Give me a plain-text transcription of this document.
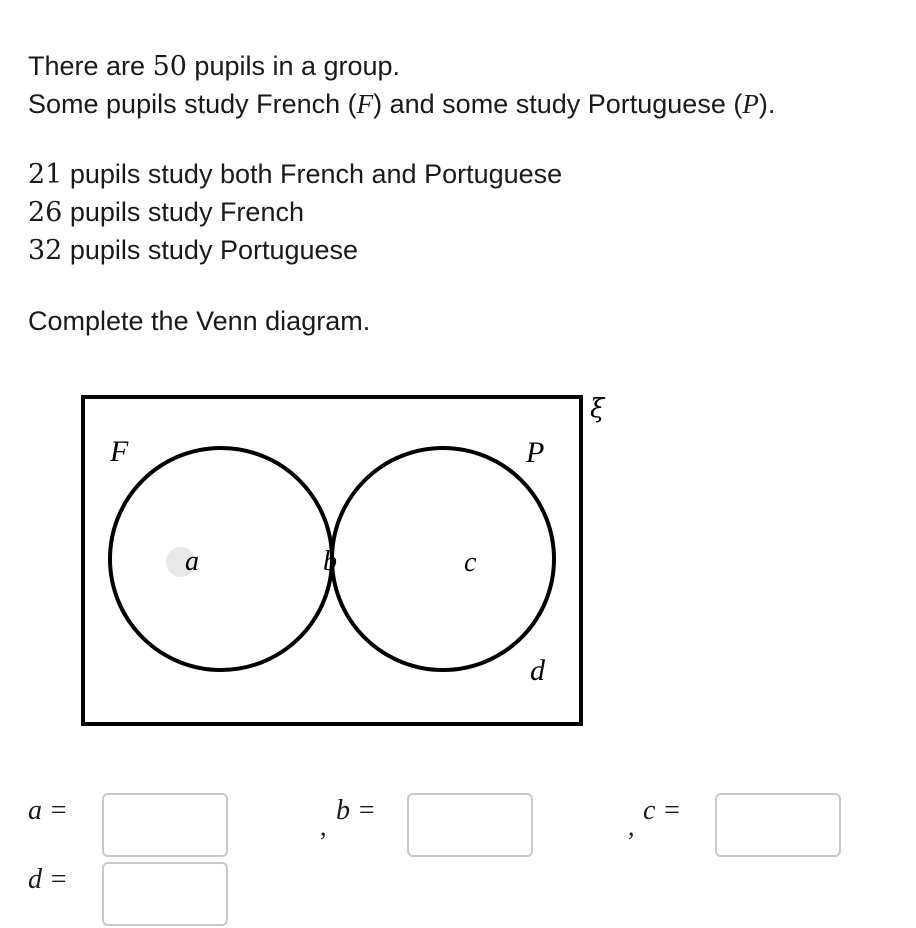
There are 50 pupils in a group.
Some pupils study French (F) and some study Portuguese (P).
21 pupils study both French and Portuguese
26 pupils study French
32 pupils study Portuguese
Complete the Venn diagram.
ξ
F	P
a	b	c
d
a =
,
b =
,
c =
d =
